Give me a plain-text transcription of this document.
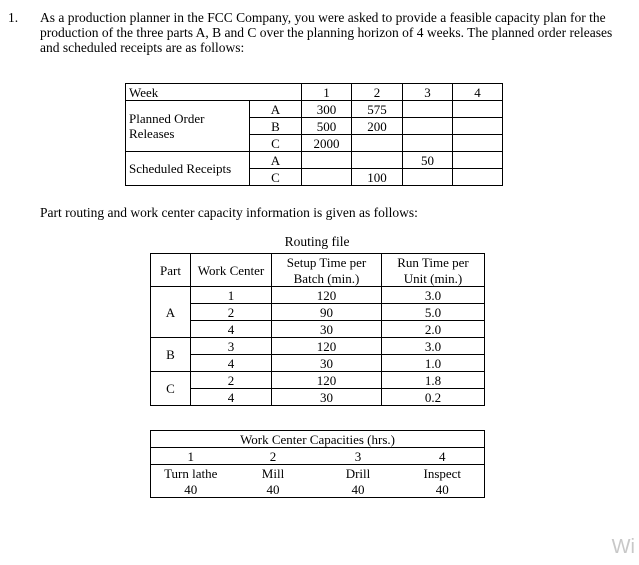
1. As a production planner in the FCC Company, you were asked to provide a feasible capacity plan for the production of the three parts A, B and C over the planning horizon of 4 weeks. The planned order releases and scheduled receipts are as follows:
Week		1	2	3	4
Planned Order
Releases	A	300	575		
	B	500	200		
	C	2000			
Scheduled Receipts	A			50	
	C		100		
Part routing and work center capacity information is given as follows:
Routing file
Part	Work Center	Setup Time per	Run Time per
		Batch (min.)	Unit (min.)
A	1	120	3.0
	2	90	5.0
	4	30	2.0
B	3	120	3.0
	4	30	1.0
C	2	120	1.8
	4	30	0.2
Work Center Capacities (hrs.)			
1	2	3	4
Turn lathe	Mill	Drill	Inspect
40	40	40	40
Wi
